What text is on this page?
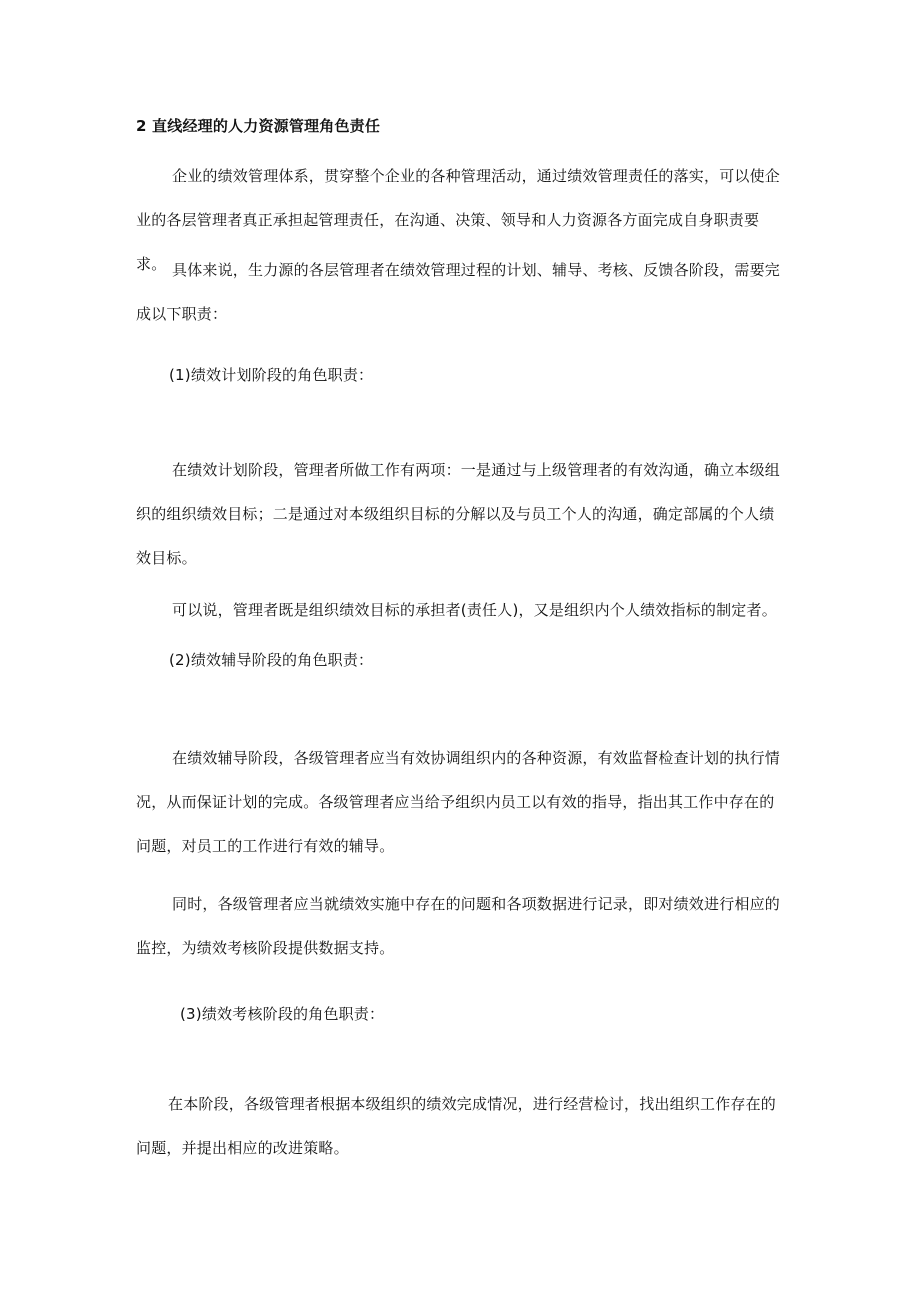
2 直线经理的人力资源管理角色责任

企业的绩效管理体系，贯穿整个企业的各种管理活动，通过绩效管理责任的落实，可以使企业的各层管理者真正承担起管理责任，在沟通、决策、领导和人力资源各方面完成自身职责要求。 具体来说，生力源的各层管理者在绩效管理过程的计划、辅导、考核、反馈各阶段，需要完成以下职责：

(1)绩效计划阶段的角色职责：

在绩效计划阶段，管理者所做工作有两项：一是通过与上级管理者的有效沟通，确立本级组织的组织绩效目标；二是通过对本级组织目标的分解以及与员工个人的沟通，确定部属的个人绩效目标。

可以说，管理者既是组织绩效目标的承担者(责任人)，又是组织内个人绩效指标的制定者。

(2)绩效辅导阶段的角色职责：

在绩效辅导阶段，各级管理者应当有效协调组织内的各种资源，有效监督检查计划的执行情况，从而保证计划的完成。各级管理者应当给予组织内员工以有效的指导，指出其工作中存在的问题，对员工的工作进行有效的辅导。

同时，各级管理者应当就绩效实施中存在的问题和各项数据进行记录，即对绩效进行相应的监控，为绩效考核阶段提供数据支持。

(3)绩效考核阶段的角色职责：

在本阶段，各级管理者根据本级组织的绩效完成情况，进行经营检讨，找出组织工作存在的问题，并提出相应的改进策略。
